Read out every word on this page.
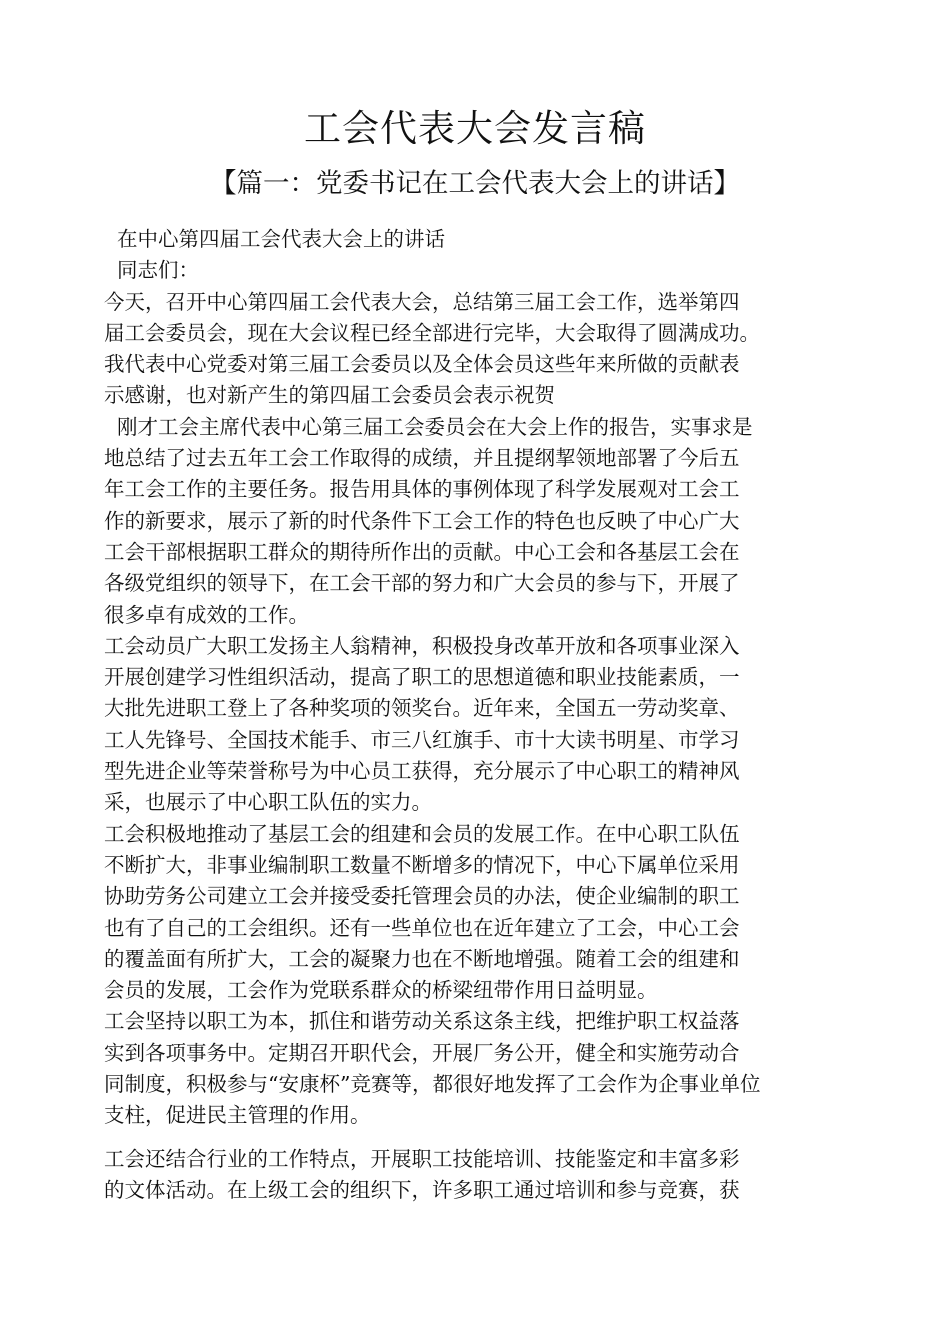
工会代表大会发言稿
【篇一：党委书记在工会代表大会上的讲话】
在中心第四届工会代表大会上的讲话
同志们：
今天，召开中心第四届工会代表大会，总结第三届工会工作，选举第四
届工会委员会，现在大会议程已经全部进行完毕，大会取得了圆满成功。
我代表中心党委对第三届工会委员以及全体会员这些年来所做的贡献表
示感谢，也对新产生的第四届工会委员会表示祝贺
刚才工会主席代表中心第三届工会委员会在大会上作的报告，实事求是
地总结了过去五年工会工作取得的成绩，并且提纲挈领地部署了今后五
年工会工作的主要任务。报告用具体的事例体现了科学发展观对工会工
作的新要求，展示了新的时代条件下工会工作的特色也反映了中心广大
工会干部根据职工群众的期待所作出的贡献。中心工会和各基层工会在
各级党组织的领导下，在工会干部的努力和广大会员的参与下，开展了
很多卓有成效的工作。
工会动员广大职工发扬主人翁精神，积极投身改革开放和各项事业深入
开展创建学习性组织活动，提高了职工的思想道德和职业技能素质，一
大批先进职工登上了各种奖项的领奖台。近年来，全国五一劳动奖章、
工人先锋号、全国技术能手、市三八红旗手、市十大读书明星、市学习
型先进企业等荣誉称号为中心员工获得，充分展示了中心职工的精神风
采，也展示了中心职工队伍的实力。
工会积极地推动了基层工会的组建和会员的发展工作。在中心职工队伍
不断扩大，非事业编制职工数量不断增多的情况下，中心下属单位采用
协助劳务公司建立工会并接受委托管理会员的办法，使企业编制的职工
也有了自己的工会组织。还有一些单位也在近年建立了工会，中心工会
的覆盖面有所扩大，工会的凝聚力也在不断地增强。随着工会的组建和
会员的发展，工会作为党联系群众的桥梁纽带作用日益明显。
工会坚持以职工为本，抓住和谐劳动关系这条主线，把维护职工权益落
实到各项事务中。定期召开职代会，开展厂务公开，健全和实施劳动合
同制度，积极参与“安康杯”竞赛等，都很好地发挥了工会作为企事业单位
支柱，促进民主管理的作用。
工会还结合行业的工作特点，开展职工技能培训、技能鉴定和丰富多彩
的文体活动。在上级工会的组织下，许多职工通过培训和参与竞赛，获
